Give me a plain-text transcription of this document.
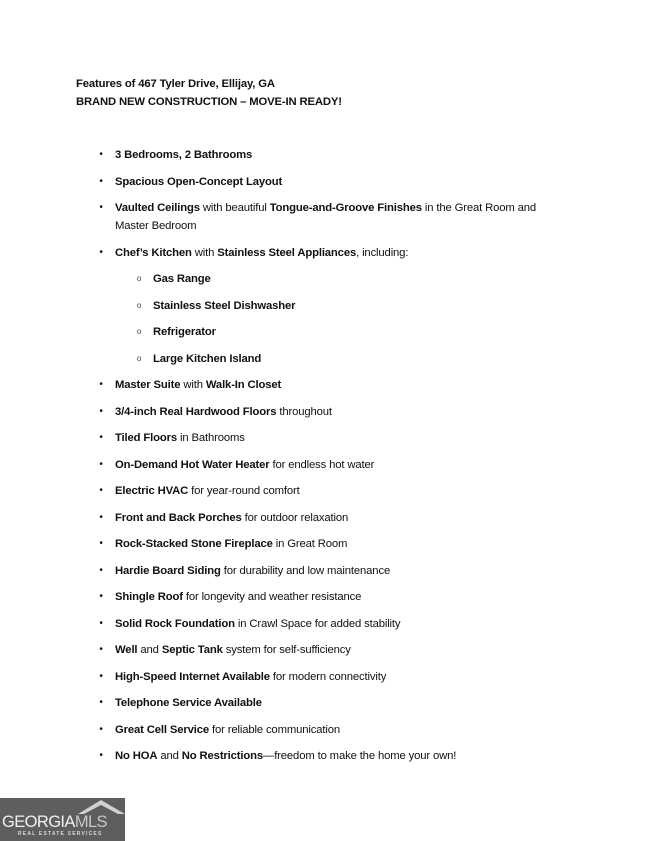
Features of 467 Tyler Drive, Ellijay, GA
BRAND NEW CONSTRUCTION – MOVE-IN READY!
• 3 Bedrooms, 2 Bathrooms
• Spacious Open-Concept Layout
• Vaulted Ceilings with beautiful Tongue-and-Groove Finishes in the Great Room and Master Bedroom
• Chef’s Kitchen with Stainless Steel Appliances, including:
o Gas Range
o Stainless Steel Dishwasher
o Refrigerator
o Large Kitchen Island
• Master Suite with Walk-In Closet
• 3/4-inch Real Hardwood Floors throughout
• Tiled Floors in Bathrooms
• On-Demand Hot Water Heater for endless hot water
• Electric HVAC for year-round comfort
• Front and Back Porches for outdoor relaxation
• Rock-Stacked Stone Fireplace in Great Room
• Hardie Board Siding for durability and low maintenance
• Shingle Roof for longevity and weather resistance
• Solid Rock Foundation in Crawl Space for added stability
• Well and Septic Tank system for self-sufficiency
• High-Speed Internet Available for modern connectivity
• Telephone Service Available
• Great Cell Service for reliable communication
• No HOA and No Restrictions—freedom to make the home your own!
GEORGIAMLS
REAL ESTATE SERVICES
